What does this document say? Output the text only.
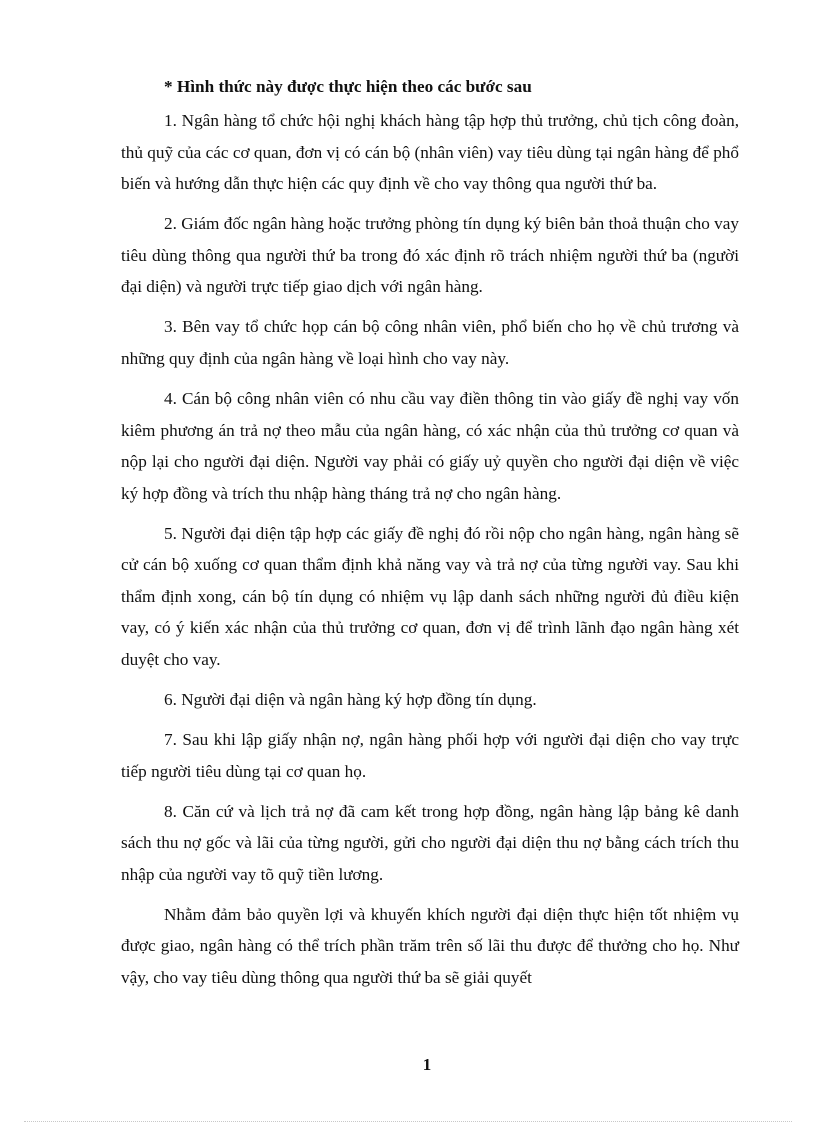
* Hình thức này được thực hiện theo các bước sau

1. Ngân hàng tổ chức hội nghị khách hàng tập hợp thủ trưởng, chủ tịch công đoàn, thủ quỹ của các cơ quan, đơn vị có cán bộ (nhân viên) vay tiêu dùng tại ngân hàng để phổ biến và hướng dẫn thực hiện các quy định về cho vay thông qua người thứ ba.

2. Giám đốc ngân hàng hoặc trưởng phòng tín dụng ký biên bản thoả thuận cho vay tiêu dùng thông qua người thứ ba trong đó xác định rõ trách nhiệm người thứ ba (người đại diện) và người trực tiếp giao dịch với ngân hàng.

3. Bên vay tổ chức họp cán bộ công nhân viên, phổ biến cho họ về chủ trương và những quy định của ngân hàng về loại hình cho vay này.

4. Cán bộ công nhân viên có nhu cầu vay điền thông tin vào giấy đề nghị vay vốn kiêm phương án trả nợ theo mẫu của ngân hàng, có xác nhận của thủ trưởng cơ quan và nộp lại cho người đại diện. Người vay phải có giấy uỷ quyền cho người đại diện về việc ký hợp đồng và trích thu nhập hàng tháng trả nợ cho ngân hàng.

5. Người đại diện tập hợp các giấy đề nghị đó rồi nộp cho ngân hàng, ngân hàng sẽ cử cán bộ xuống cơ quan thẩm định khả năng vay và trả nợ của từng người vay. Sau khi thẩm định xong, cán bộ tín dụng có nhiệm vụ lập danh sách những người đủ điều kiện vay, có ý kiến xác nhận của thủ trưởng cơ quan, đơn vị để trình lãnh đạo ngân hàng xét duyệt cho vay.

6. Người đại diện và ngân hàng ký hợp đồng tín dụng.

7. Sau khi lập giấy nhận nợ, ngân hàng phối hợp với người đại diện cho vay trực tiếp người tiêu dùng tại cơ quan họ.

8. Căn cứ và lịch trả nợ đã cam kết trong hợp đồng, ngân hàng lập bảng kê danh sách thu nợ gốc và lãi của từng người, gửi cho người đại diện thu nợ bằng cách trích thu nhập của người vay tõ quỹ tiền lương.

Nhằm đảm bảo quyền lợi và khuyến khích người đại diện thực hiện tốt nhiệm vụ được giao, ngân hàng có thể trích phần trăm trên số lãi thu được để thưởng cho họ. Như vậy, cho vay tiêu dùng thông qua người thứ ba sẽ giải quyết

1
